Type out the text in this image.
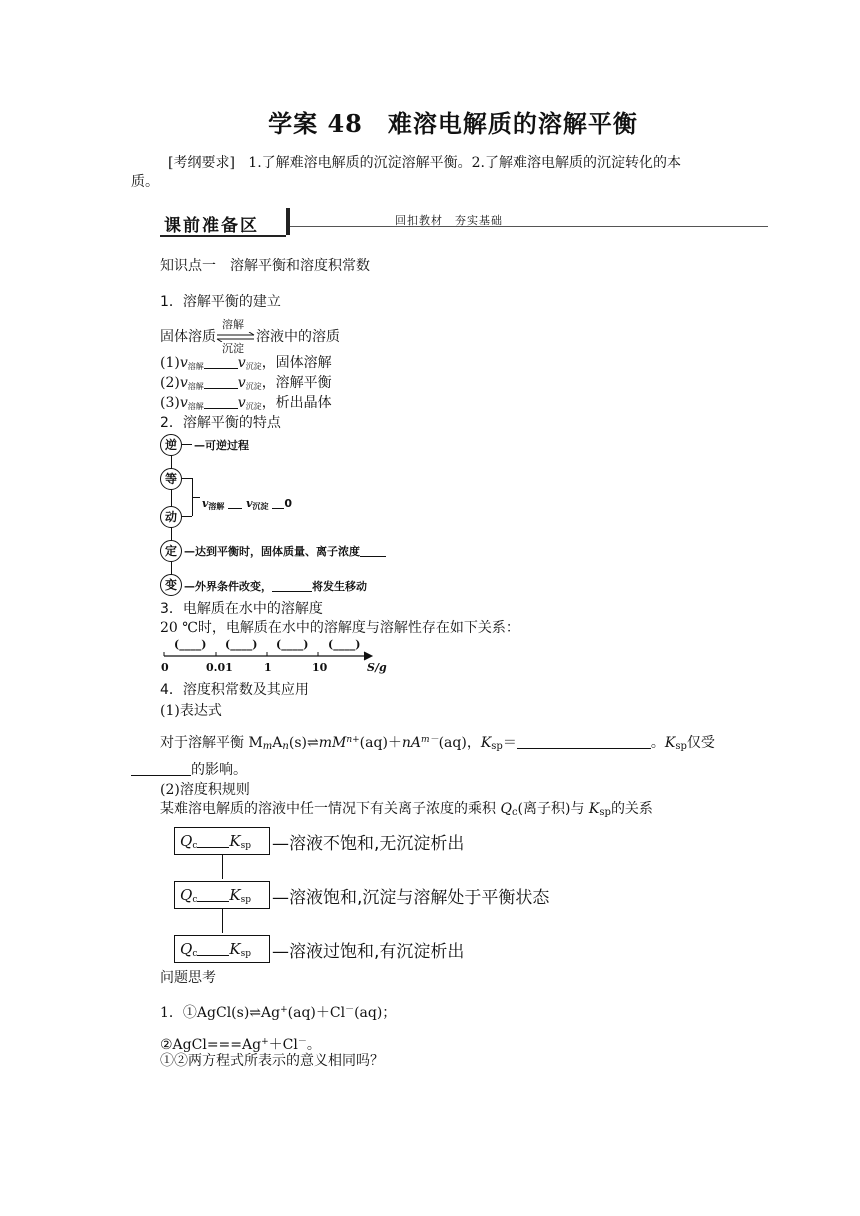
学案 48　难溶电解质的溶解平衡
[考纲要求] 1.了解难溶电解质的沉淀溶解平衡。2.了解难溶电解质的沉淀转化的本
质。
课前准备区	回扣教材　夯实基础
知识点一　溶解平衡和溶度积常数
1．溶解平衡的建立
固体溶质
溶解
沉淀
溶液中的溶质
$(1)v_{溶解}$ $v_{沉淀}$，固体溶解
$(2)v_{溶解}$ $v_{沉淀}$，溶解平衡
$(3)v_{溶解}$ $v_{沉淀}$，析出晶体
2．溶解平衡的特点
逆	—可逆过程
等
动
$v_{溶解}$ $v_{沉淀}$ 0
定 —达到平衡时，固体质量、离子浓度
变 —外界条件改变，	将发生移动
3．电解质在水中的溶解度
20 ℃时，电解质在水中的溶解度与溶解性存在如下关系：
(____) (____) (____) (____)
0	0.01	1	10	S/g
4．溶度积常数及其应用
(1)表达式
对于溶解平衡 $M_mA_n(s)\rightleftharpoons mM^{n+}(aq)+nA^{m-}(aq)$，$K_{sp}=$	。$K_{sp}$仅受
的影响。
(2)溶度积规则
某难溶电解质的溶液中任一情况下有关离子浓度的乘积 $Q_c$(离子积)与 $K_{sp}$的关系
$Q_c$ $K_{sp}$	—溶液不饱和,无沉淀析出
$Q_c$ $K_{sp}$	—溶液饱和,沉淀与溶解处于平衡状态
$Q_c$ $K_{sp}$	—溶液过饱和,有沉淀析出
问题思考
1．①AgCl(s)⇌Ag+(aq)＋Cl－(aq)；
②AgCl===Ag+＋Cl－。
①②两方程式所表示的意义相同吗？
